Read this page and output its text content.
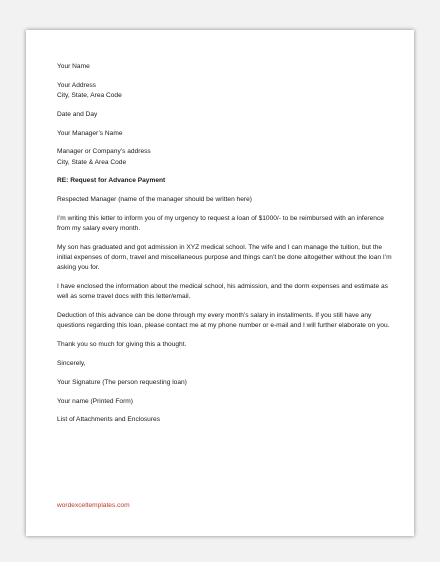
Your Name

Your Address
City, State, Area Code

Date and Day

Your Manager’s Name

Manager or Company’s address
City, State & Area Code

RE: Request for Advance Payment

Respected Manager (name of the manager should be written here)

I’m writing this letter to inform you of my urgency to request a loan of $1000/- to be reimbursed with an inference from my salary every month.

My son has graduated and got admission in XYZ medical school. The wife and I can manage the tuition, but the initial expenses of dorm, travel and miscellaneous purpose and things can’t be done altogether without the loan I’m asking you for.

I have enclosed the information about the medical school, his admission, and the dorm expenses and estimate as well as some travel docs with this letter/email.

Deduction of this advance can be done through my every month’s salary in installments. If you still have any questions regarding this loan, please contact me at my phone number or e-mail and I will further elaborate on you.

Thank you so much for giving this a thought.

Sincerely,

Your Signature (The person requesting loan)

Your name (Printed Form)

List of Attachments and Enclosures

wordexceltemplates.com
